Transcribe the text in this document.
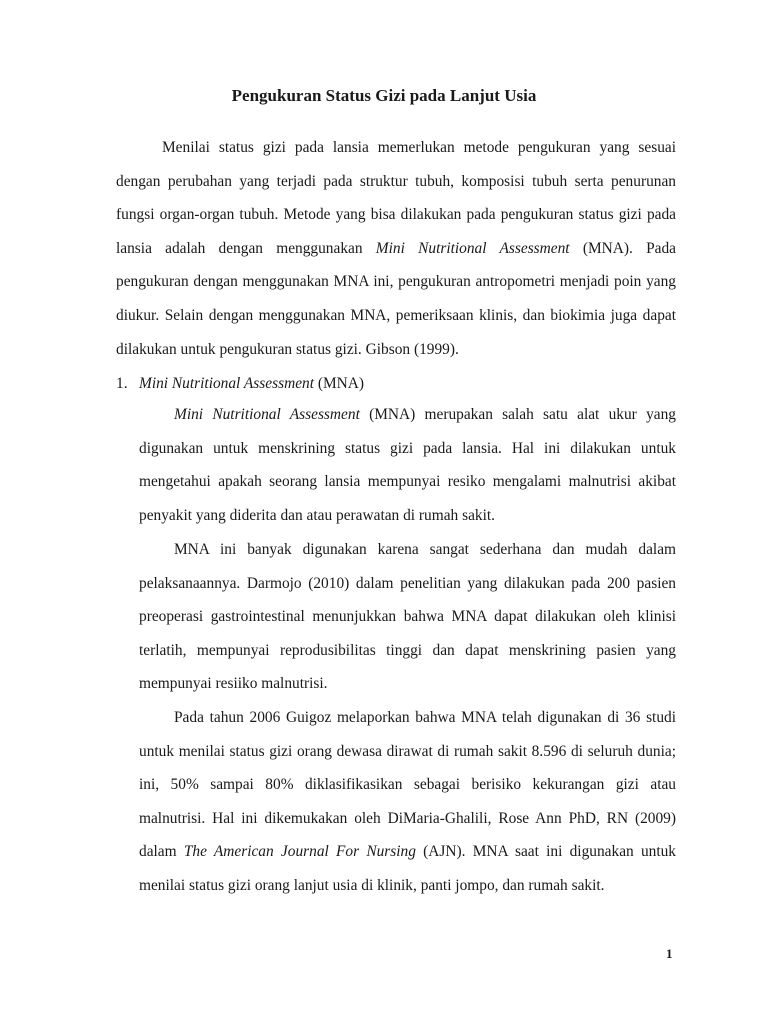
Pengukuran Status Gizi pada Lanjut Usia

Menilai status gizi pada lansia memerlukan metode pengukuran yang sesuai dengan perubahan yang terjadi pada struktur tubuh, komposisi tubuh serta penurunan fungsi organ-organ tubuh. Metode yang bisa dilakukan pada pengukuran status gizi pada lansia adalah dengan menggunakan Mini Nutritional Assessment (MNA). Pada pengukuran dengan menggunakan MNA ini, pengukuran antropometri menjadi poin yang diukur. Selain dengan menggunakan MNA, pemeriksaan klinis, dan biokimia juga dapat dilakukan untuk pengukuran status gizi. Gibson (1999).

1. Mini Nutritional Assessment (MNA)

Mini Nutritional Assessment (MNA) merupakan salah satu alat ukur yang digunakan untuk menskrining status gizi pada lansia. Hal ini dilakukan untuk mengetahui apakah seorang lansia mempunyai resiko mengalami malnutrisi akibat penyakit yang diderita dan atau perawatan di rumah sakit.

MNA ini banyak digunakan karena sangat sederhana dan mudah dalam pelaksanaannya. Darmojo (2010) dalam penelitian yang dilakukan pada 200 pasien preoperasi gastrointestinal menunjukkan bahwa MNA dapat dilakukan oleh klinisi terlatih, mempunyai reprodusibilitas tinggi dan dapat menskrining pasien yang mempunyai resiiko malnutrisi.

Pada tahun 2006 Guigoz melaporkan bahwa MNA telah digunakan di 36 studi untuk menilai status gizi orang dewasa dirawat di rumah sakit 8.596 di seluruh dunia; ini, 50% sampai 80% diklasifikasikan sebagai berisiko kekurangan gizi atau malnutrisi. Hal ini dikemukakan oleh DiMaria-Ghalili, Rose Ann PhD, RN (2009) dalam The American Journal For Nursing (AJN). MNA saat ini digunakan untuk menilai status gizi orang lanjut usia di klinik, panti jompo, dan rumah sakit.

1
